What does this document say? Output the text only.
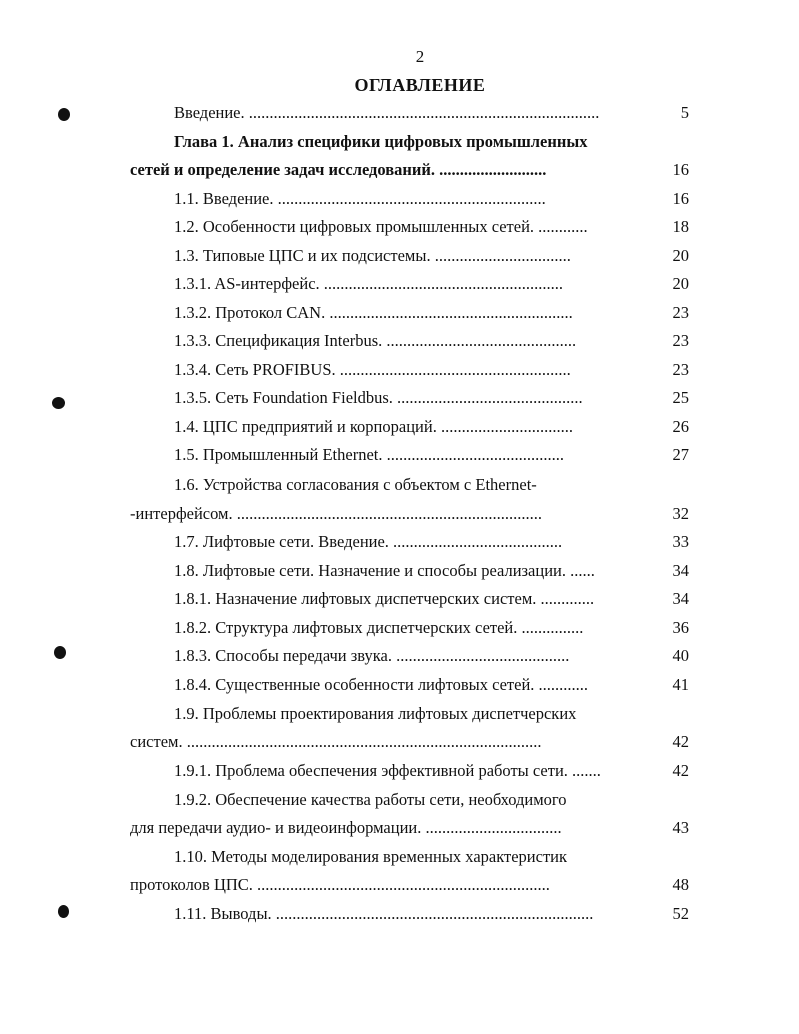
2
ОГЛАВЛЕНИЕ
Введение. .....................................................................................	5
Глава 1. Анализ специфики цифровых промышленных
сетей и определение задач исследований. ..........................	16
1.1. Введение. .................................................................	16
1.2. Особенности цифровых промышленных сетей. ............	18
1.3. Типовые ЦПС и их подсистемы. .................................	20
1.3.1. AS-интерфейс. ..........................................................	20
1.3.2. Протокол CAN. ...........................................................	23
1.3.3. Спецификация Interbus. ..............................................	23
1.3.4. Сеть PROFIBUS. ........................................................	23
1.3.5. Сеть Foundation Fieldbus. .............................................	25
1.4. ЦПС предприятий и корпораций. ................................	26
1.5. Промышленный Ethernet. ...........................................	27
1.6. Устройства согласования с объектом с Ethernet-
-интерфейсом. ..........................................................................	32
1.7. Лифтовые сети. Введение. .........................................	33
1.8. Лифтовые сети. Назначение и способы реализации. ......	34
1.8.1. Назначение лифтовых диспетчерских систем. .............	34
1.8.2. Структура лифтовых диспетчерских сетей. ...............	36
1.8.3. Способы передачи звука. ..........................................	40
1.8.4. Существенные особенности лифтовых сетей. ............	41
1.9. Проблемы проектирования лифтовых диспетчерских
систем. ......................................................................................	42
1.9.1. Проблема обеспечения эффективной работы сети. .......	42
1.9.2. Обеспечение качества работы сети, необходимого
для передачи аудио- и видеоинформации. .................................	43
1.10. Методы моделирования временных характеристик
протоколов ЦПС. .......................................................................	48
1.11. Выводы. .............................................................................	52
